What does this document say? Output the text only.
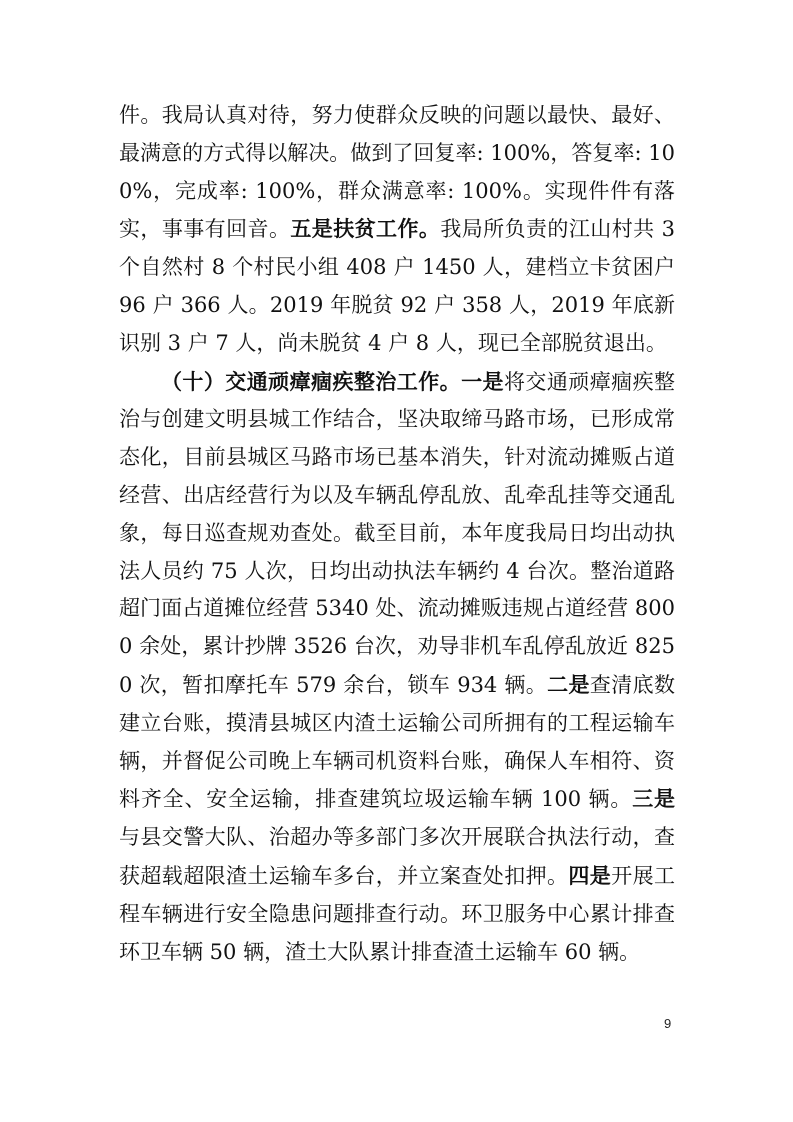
件。我局认真对待，努力使群众反映的问题以最快、最好、最满意的方式得以解决。做到了回复率: 100%，答复率: 100%，完成率: 100%，群众满意率: 100%。实现件件有落实，事事有回音。五是扶贫工作。我局所负责的江山村共 3 个自然村 8 个村民小组 408 户 1450 人，建档立卡贫困户 96 户 366 人。2019 年脱贫 92 户 358 人，2019 年底新识别 3 户 7 人，尚未脱贫 4 户 8 人，现已全部脱贫退出。

（十）交通顽瘴痼疾整治工作。一是将交通顽瘴痼疾整治与创建文明县城工作结合，坚决取缔马路市场，已形成常态化，目前县城区马路市场已基本消失，针对流动摊贩占道经营、出店经营行为以及车辆乱停乱放、乱牵乱挂等交通乱象，每日巡查规劝查处。截至目前，本年度我局日均出动执法人员约 75 人次，日均出动执法车辆约 4 台次。整治道路超门面占道摊位经营 5340 处、流动摊贩违规占道经营 8000 余处，累计抄牌 3526 台次，劝导非机车乱停乱放近 8250 次，暂扣摩托车 579 余台，锁车 934 辆。二是查清底数建立台账，摸清县城区内渣土运输公司所拥有的工程运输车辆，并督促公司晚上车辆司机资料台账，确保人车相符、资料齐全、安全运输，排查建筑垃圾运输车辆 100 辆。三是与县交警大队、治超办等多部门多次开展联合执法行动，查获超载超限渣土运输车多台，并立案查处扣押。四是开展工程车辆进行安全隐患问题排查行动。环卫服务中心累计排查环卫车辆 50 辆，渣土大队累计排查渣土运输车 60 辆。

9
